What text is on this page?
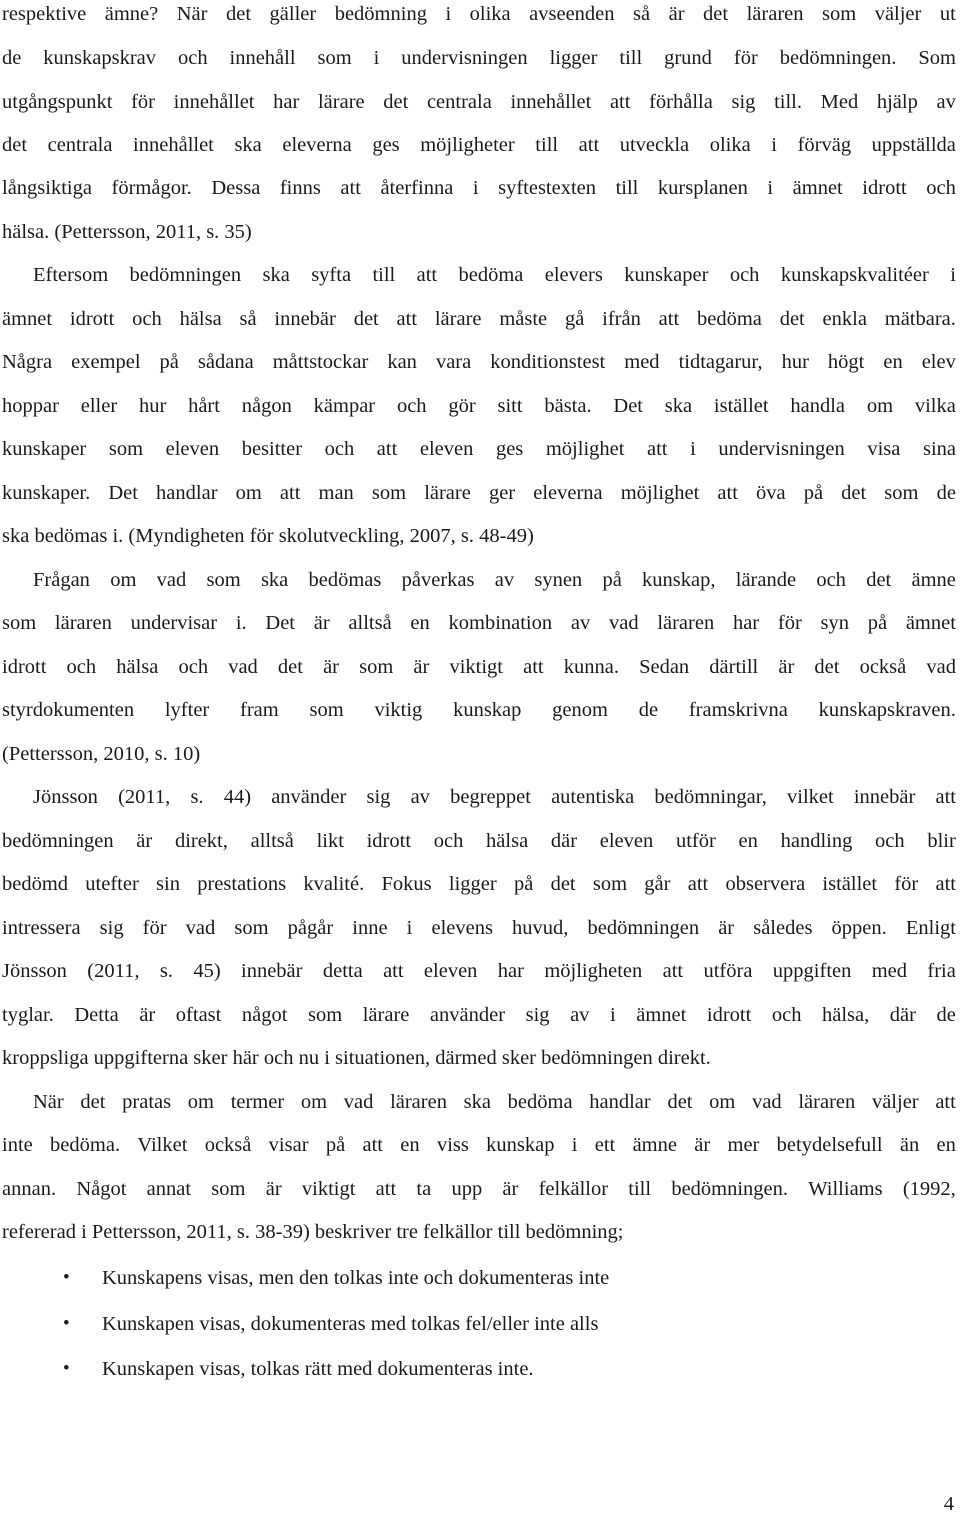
respektive ämne? När det gäller bedömning i olika avseenden så är det läraren som väljer ut
de kunskapskrav och innehåll som i undervisningen ligger till grund för bedömningen. Som
utgångspunkt för innehållet har lärare det centrala innehållet att förhålla sig till. Med hjälp av
det centrala innehållet ska eleverna ges möjligheter till att utveckla olika i förväg uppställda
långsiktiga förmågor. Dessa finns att återfinna i syftestexten till kursplanen i ämnet idrott och
hälsa. (Pettersson, 2011, s. 35)
Eftersom bedömningen ska syfta till att bedöma elevers kunskaper och kunskapskvalitéer i
ämnet idrott och hälsa så innebär det att lärare måste gå ifrån att bedöma det enkla mätbara.
Några exempel på sådana måttstockar kan vara konditionstest med tidtagarur, hur högt en elev
hoppar eller hur hårt någon kämpar och gör sitt bästa. Det ska istället handla om vilka
kunskaper som eleven besitter och att eleven ges möjlighet att i undervisningen visa sina
kunskaper. Det handlar om att man som lärare ger eleverna möjlighet att öva på det som de
ska bedömas i. (Myndigheten för skolutveckling, 2007, s. 48-49)
Frågan om vad som ska bedömas påverkas av synen på kunskap, lärande och det ämne
som läraren undervisar i. Det är alltså en kombination av vad läraren har för syn på ämnet
idrott och hälsa och vad det är som är viktigt att kunna. Sedan därtill är det också vad
styrdokumenten lyfter fram som viktig kunskap genom de framskrivna kunskapskraven.
(Pettersson, 2010, s. 10)
Jönsson (2011, s. 44) använder sig av begreppet autentiska bedömningar, vilket innebär att
bedömningen är direkt, alltså likt idrott och hälsa där eleven utför en handling och blir
bedömd utefter sin prestations kvalité. Fokus ligger på det som går att observera istället för att
intressera sig för vad som pågår inne i elevens huvud, bedömningen är således öppen. Enligt
Jönsson (2011, s. 45) innebär detta att eleven har möjligheten att utföra uppgiften med fria
tyglar. Detta är oftast något som lärare använder sig av i ämnet idrott och hälsa, där de
kroppsliga uppgifterna sker här och nu i situationen, därmed sker bedömningen direkt.
När det pratas om termer om vad läraren ska bedöma handlar det om vad läraren väljer att
inte bedöma. Vilket också visar på att en viss kunskap i ett ämne är mer betydelsefull än en
annan. Något annat som är viktigt att ta upp är felkällor till bedömningen. Williams (1992,
refererad i Pettersson, 2011, s. 38-39) beskriver tre felkällor till bedömning;
• Kunskapens visas, men den tolkas inte och dokumenteras inte
• Kunskapen visas, dokumenteras med tolkas fel/eller inte alls
• Kunskapen visas, tolkas rätt med dokumenteras inte.
4
